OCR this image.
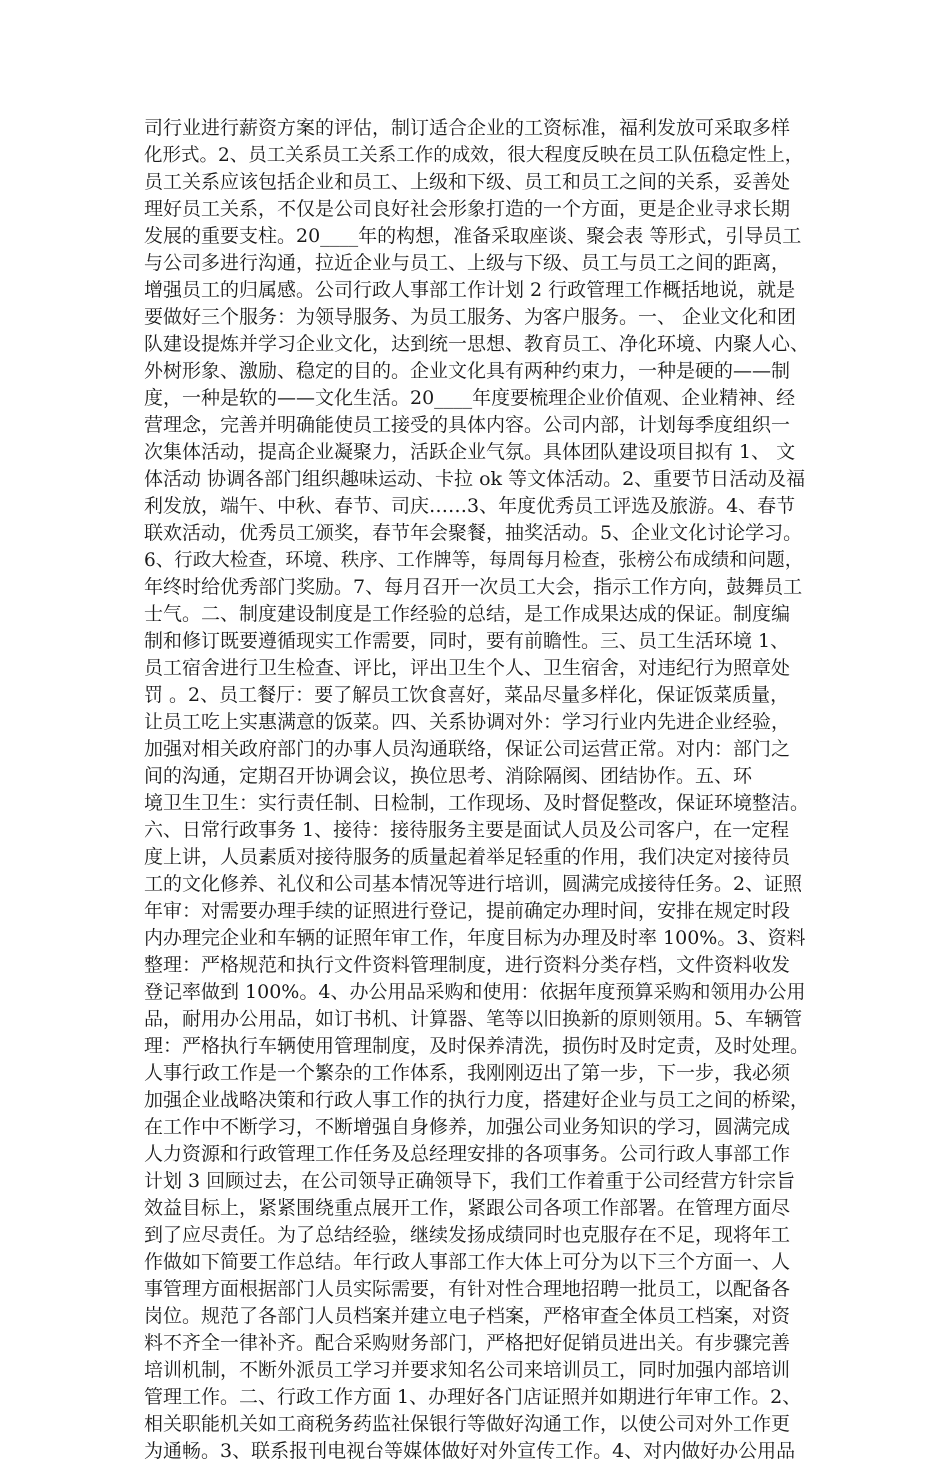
司行业进行薪资方案的评估，制订适合企业的工资标准，福利发放可采取多样
化形式。2、员工关系员工关系工作的成效，很大程度反映在员工队伍稳定性上，
员工关系应该包括企业和员工、上级和下级、员工和员工之间的关系，妥善处
理好员工关系，不仅是公司良好社会形象打造的一个方面，更是企业寻求长期
发展的重要支柱。20____年的构想，准备采取座谈、聚会表 等形式，引导员工
与公司多进行沟通，拉近企业与员工、上级与下级、员工与员工之间的距离，
增强员工的归属感。公司行政人事部工作计划 2 行政管理工作概括地说，就是
要做好三个服务：为领导服务、为员工服务、为客户服务。一、 企业文化和团
队建设提炼并学习企业文化，达到统一思想、教育员工、净化环境、内聚人心、
外树形象、激励、稳定的目的。企业文化具有两种约束力，一种是硬的——制
度，一种是软的——文化生活。20____年度要梳理企业价值观、企业精神、经
营理念，完善并明确能使员工接受的具体内容。公司内部，计划每季度组织一
次集体活动，提高企业凝聚力，活跃企业气氛。具体团队建设项目拟有 1、 文
体活动 协调各部门组织趣味运动、卡拉 ok 等文体活动。2、重要节日活动及福
利发放，端午、中秋、春节、司庆……3、年度优秀员工评选及旅游。4、春节
联欢活动，优秀员工颁奖，春节年会聚餐，抽奖活动。5、企业文化讨论学习。
6、行政大检查，环境、秩序、工作牌等，每周每月检查，张榜公布成绩和问题，
年终时给优秀部门奖励。7、每月召开一次员工大会，指示工作方向，鼓舞员工
士气。二、制度建设制度是工作经验的总结，是工作成果达成的保证。制度编
制和修订既要遵循现实工作需要，同时，要有前瞻性。三、员工生活环境 1、
员工宿舍进行卫生检查、评比，评出卫生个人、卫生宿舍，对违纪行为照章处
罚 。2、员工餐厅：要了解员工饮食喜好，菜品尽量多样化，保证饭菜质量，
让员工吃上实惠满意的饭菜。四、关系协调对外：学习行业内先进企业经验，
加强对相关政府部门的办事人员沟通联络，保证公司运营正常。对内：部门之
间的沟通，定期召开协调会议，换位思考、消除隔阂、团结协作。五、环
境卫生卫生：实行责任制、日检制，工作现场、及时督促整改，保证环境整洁。
六、日常行政事务 1、接待：接待服务主要是面试人员及公司客户，在一定程
度上讲，人员素质对接待服务的质量起着举足轻重的作用，我们决定对接待员
工的文化修养、礼仪和公司基本情况等进行培训，圆满完成接待任务。2、证照
年审：对需要办理手续的证照进行登记，提前确定办理时间，安排在规定时段
内办理完企业和车辆的证照年审工作，年度目标为办理及时率 100%。3、资料
整理：严格规范和执行文件资料管理制度，进行资料分类存档，文件资料收发
登记率做到 100%。4、办公用品采购和使用：依据年度预算采购和领用办公用
品，耐用办公用品，如订书机、计算器、笔等以旧换新的原则领用。5、车辆管
理：严格执行车辆使用管理制度，及时保养清洗，损伤时及时定责，及时处理。
人事行政工作是一个繁杂的工作体系，我刚刚迈出了第一步，下一步，我必须
加强企业战略决策和行政人事工作的执行力度，搭建好企业与员工之间的桥梁，
在工作中不断学习，不断增强自身修养，加强公司业务知识的学习，圆满完成
人力资源和行政管理工作任务及总经理安排的各项事务。公司行政人事部工作
计划 3 回顾过去，在公司领导正确领导下，我们工作着重于公司经营方针宗旨
效益目标上，紧紧围绕重点展开工作，紧跟公司各项工作部署。在管理方面尽
到了应尽责任。为了总结经验，继续发扬成绩同时也克服存在不足，现将年工
作做如下简要工作总结。年行政人事部工作大体上可分为以下三个方面一、人
事管理方面根据部门人员实际需要，有针对性合理地招聘一批员工，以配备各
岗位。规范了各部门人员档案并建立电子档案，严格审查全体员工档案，对资
料不齐全一律补齐。配合采购财务部门，严格把好促销员进出关。有步骤完善
培训机制，不断外派员工学习并要求知名公司来培训员工，同时加强内部培训
管理工作。二、行政工作方面 1、办理好各门店证照并如期进行年审工作。2、
相关职能机关如工商税务药监社保银行等做好沟通工作，以使公司对外工作更
为通畅。3、联系报刊电视台等媒体做好对外宣传工作。4、对内做好办公用品
